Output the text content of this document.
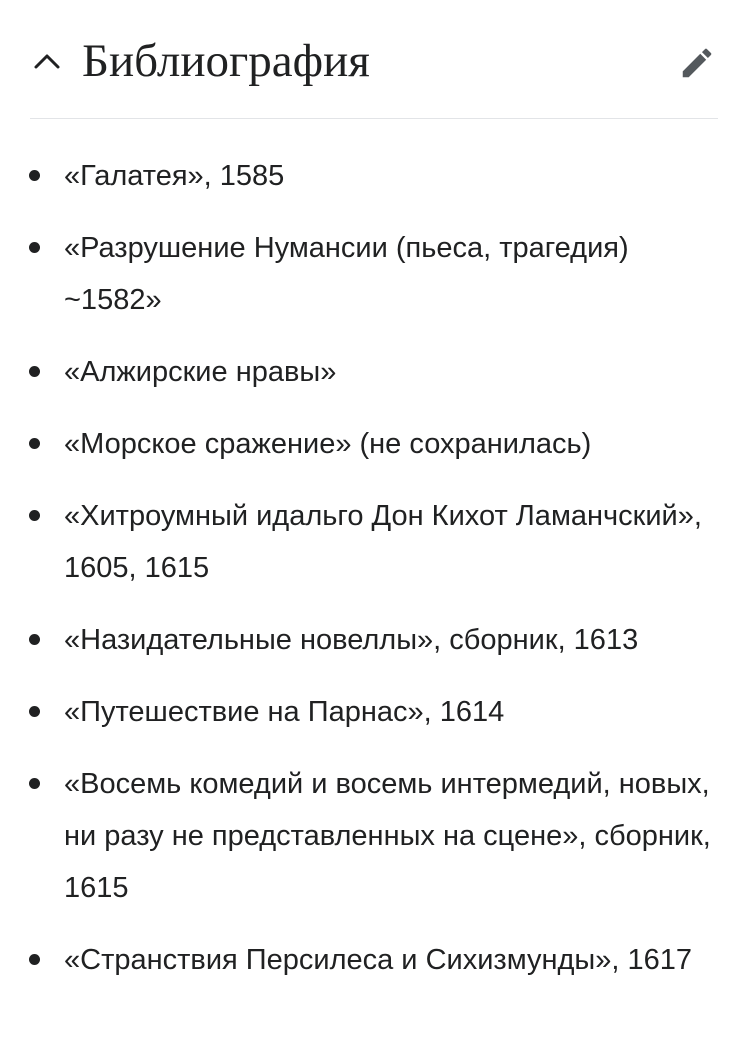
Библиография
«Галатея», 1585
«Разрушение Нумансии (пьеса, трагедия) ~1582»
«Алжирские нравы»
«Морское сражение» (не сохранилась)
«Хитроумный идальго Дон Кихот Ламанчский», 1605, 1615
«Назидательные новеллы», сборник, 1613
«Путешествие на Парнас», 1614
«Восемь комедий и восемь интермедий, новых, ни разу не представленных на сцене», сборник, 1615
«Странствия Персилеса и Сихизмунды», 1617
